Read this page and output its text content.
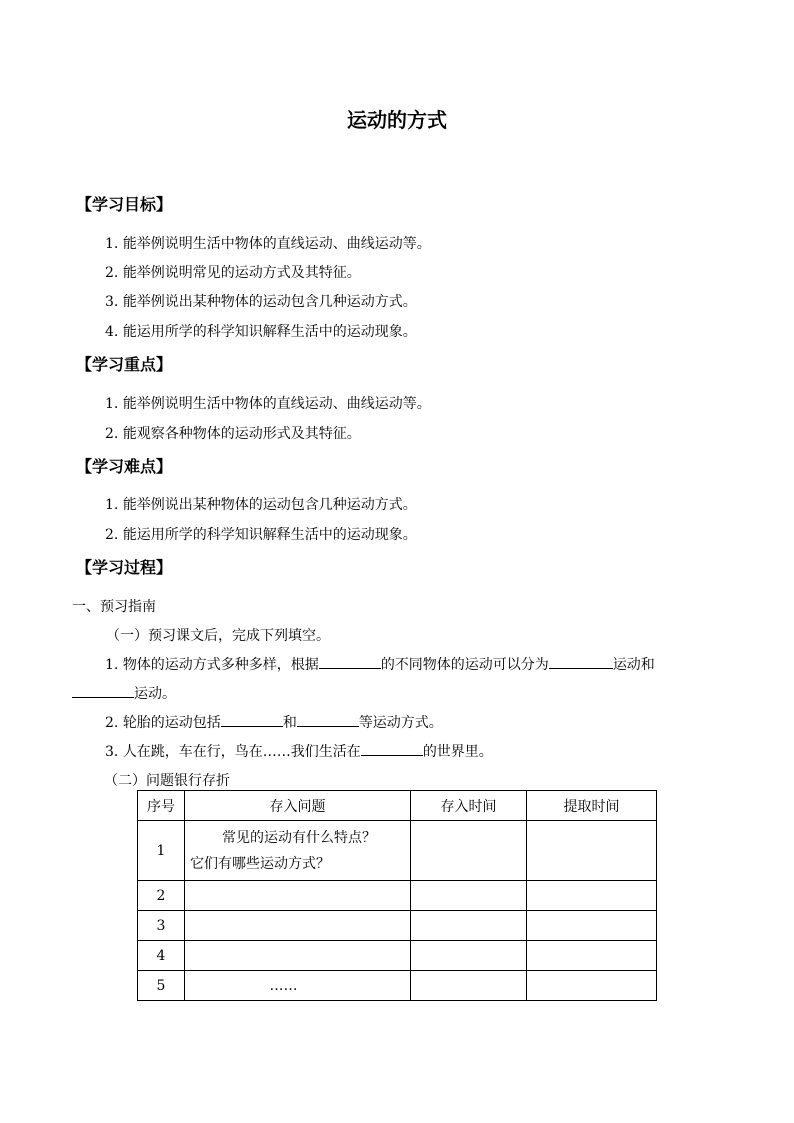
运动的方式
【学习目标】
1. 能举例说明生活中物体的直线运动、曲线运动等。
2. 能举例说明常见的运动方式及其特征。
3. 能举例说出某种物体的运动包含几种运动方式。
4. 能运用所学的科学知识解释生活中的运动现象。
【学习重点】
1. 能举例说明生活中物体的直线运动、曲线运动等。
2. 能观察各种物体的运动形式及其特征。
【学习难点】
1. 能举例说出某种物体的运动包含几种运动方式。
2. 能运用所学的科学知识解释生活中的运动现象。
【学习过程】
一、预习指南
（一）预习课文后，完成下列填空。
1. 物体的运动方式多种多样，根据	的不同物体的运动可以分为	运动和
运动。
2. 轮胎的运动包括	和	等运动方式。
3. 人在跳，车在行，鸟在……我们生活在	的世界里。
（二）问题银行存折
序号	存入问题	存入时间	提取时间
1	常见的运动有什么特点？
它们有哪些运动方式？		

2			
3			
4			
5	……		
